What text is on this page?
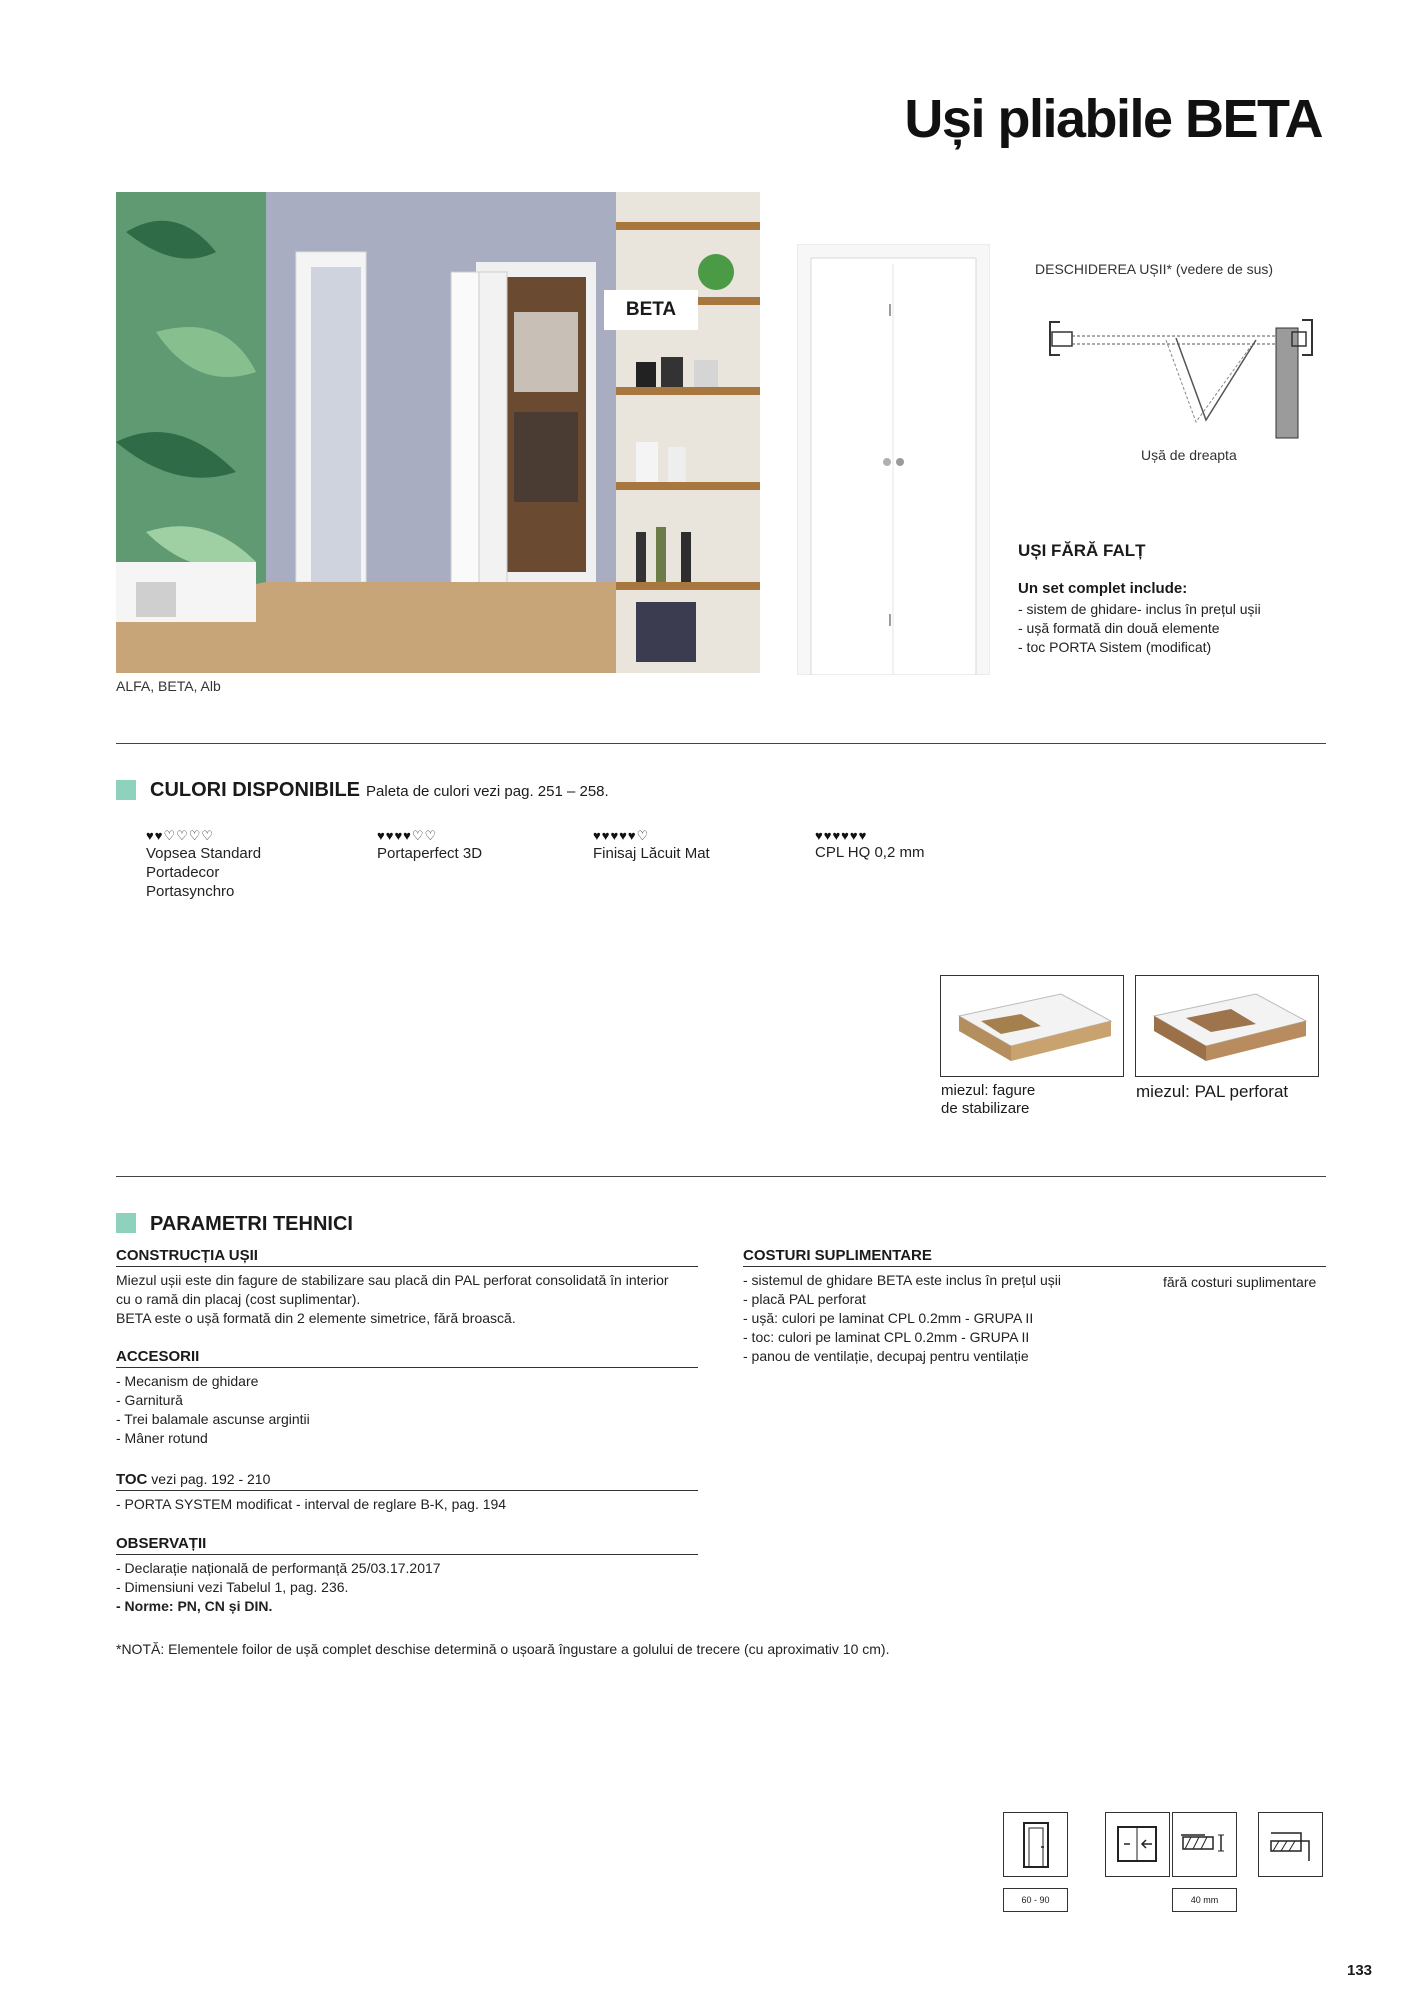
Uși pliabile BETA
BETA
ALFA, BETA, Alb
DESCHIDEREA UȘII* (vedere de sus)
Ușă de dreapta
UȘI FĂRĂ FALȚ
Un set complet include:
- sistem de ghidare- inclus în prețul ușii
- ușă formată din două elemente
- toc PORTA Sistem (modificat)
CULORI DISPONIBILE Paleta de culori vezi pag. 251 – 258.
♥♥♡♡♡♡
Vopsea Standard
Portadecor
Portasynchro
♥♥♥♥♡♡
Portaperfect 3D
♥♥♥♥♥♡
Finisaj Lăcuit Mat
♥♥♥♥♥♥
CPL HQ 0,2 mm
miezul: fagure
de stabilizare
miezul: PAL perforat
PARAMETRI TEHNICI
CONSTRUCȚIA UȘII
Miezul ușii este din fagure de stabilizare sau placă din PAL perforat consolidată în interior
cu o ramă din placaj (cost suplimentar).
BETA este o ușă formată din 2 elemente simetrice, fără broască.
ACCESORII
- Mecanism de ghidare
- Garnitură
- Trei balamale ascunse argintii
- Mâner rotund
TOC vezi pag. 192 - 210
- PORTA SYSTEM modificat - interval de reglare B-K, pag. 194
OBSERVAȚII
- Declarație națională de performanță 25/03.17.2017
- Dimensiuni vezi Tabelul 1, pag. 236.
- Norme: PN, CN și DIN.
COSTURI SUPLIMENTARE
- sistemul de ghidare BETA este inclus în prețul ușii
- placă PAL perforat
- ușă: culori pe laminat CPL 0.2mm - GRUPA II
- toc: culori pe laminat CPL 0.2mm - GRUPA II
- panou de ventilație, decupaj pentru ventilație
fără costuri suplimentare
*NOTĂ: Elementele foilor de ușă complet deschise determină o ușoară îngustare a golului de trecere (cu aproximativ 10 cm).
60 - 90	40 mm
133
